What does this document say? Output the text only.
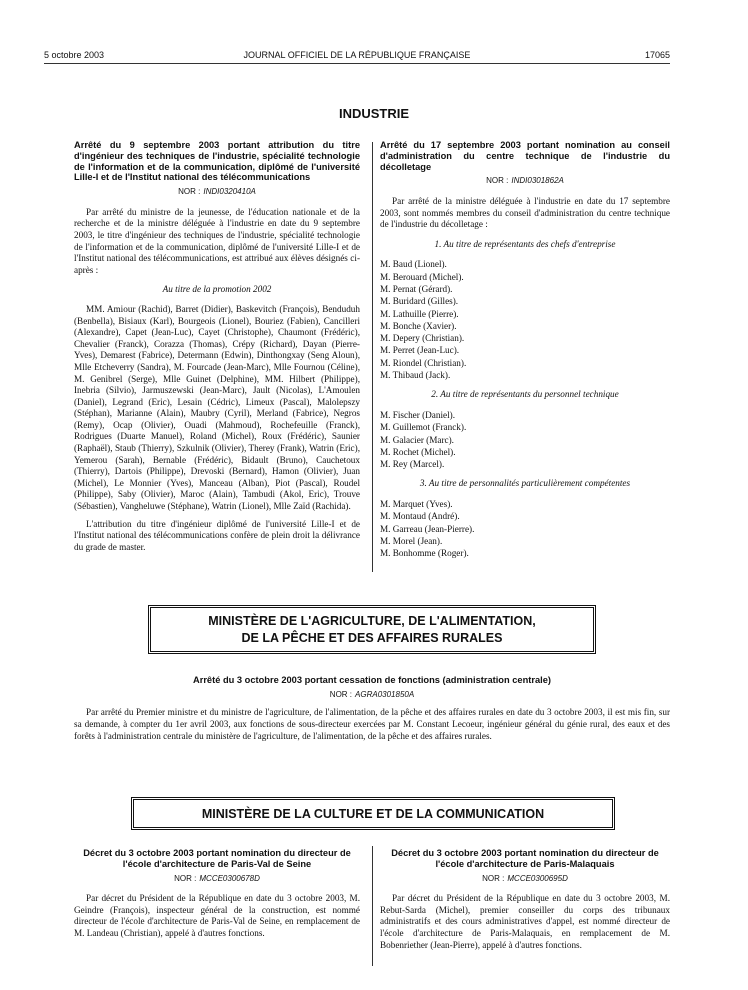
5 octobre 2003	JOURNAL OFFICIEL DE LA RÉPUBLIQUE FRANÇAISE	17065
INDUSTRIE
Arrêté du 9 septembre 2003 portant attribution du titre d'ingénieur des techniques de l'industrie, spécialité technologie de l'information et de la communication, diplômé de l'université Lille-I et de l'Institut national des télécommunications
NOR : INDI0320410A

Par arrêté du ministre de la jeunesse, de l'éducation nationale et de la recherche et de la ministre déléguée à l'industrie en date du 9 septembre 2003, le titre d'ingénieur des techniques de l'industrie, spécialité technologie de l'information et de la communication, diplômé de l'université Lille-I et de l'Institut national des télécommunications, est attribué aux élèves désignés ci-après :

Au titre de la promotion 2002

MM. Amiour (Rachid), Barret (Didier), Baskevitch (François), Benduduh (Benbella), Bisiaux (Karl), Bourgeois (Lionel), Bouriez (Fabien), Cancilleri (Alexandre), Capet (Jean-Luc), Cayet (Christophe), Chaumont (Frédéric), Chevalier (Franck), Corazza (Thomas), Crépy (Richard), Dayan (Pierre-Yves), Demarest (Fabrice), Determann (Edwin), Dinthongxay (Seng Aloun), Mlle Etcheverry (Sandra), M. Fourcade (Jean-Marc), Mlle Fournou (Céline), M. Genibrel (Serge), Mlle Guinet (Delphine), MM. Hilbert (Philippe), Inebria (Silvio), Jarmuszewski (Jean-Marc), Jault (Nicolas), L'Amoulen (Daniel), Legrand (Eric), Lesain (Cédric), Limeux (Pascal), Malolepszy (Stéphan), Marianne (Alain), Maubry (Cyril), Merland (Fabrice), Negros (Remy), Ocap (Olivier), Ouadi (Mahmoud), Rochefeuille (Franck), Rodrigues (Duarte Manuel), Roland (Michel), Roux (Frédéric), Saunier (Raphaël), Staub (Thierry), Szkulnik (Olivier), Therey (Frank), Watrin (Eric), Yemerou (Sarah), Bernable (Frédéric), Bidault (Bruno), Cauchetoux (Thierry), Dartois (Philippe), Drevoski (Bernard), Hamon (Olivier), Juan (Michel), Le Monnier (Yves), Manceau (Alban), Piot (Pascal), Roudel (Philippe), Saby (Olivier), Maroc (Alain), Tambudi (Akol, Eric), Trouve (Sébastien), Vangheluwe (Stéphane), Watrin (Lionel), Mlle Zaïd (Rachida).

L'attribution du titre d'ingénieur diplômé de l'université Lille-I et de l'Institut national des télécommunications confère de plein droit la délivrance du grade de master.

Arrêté du 17 septembre 2003 portant nomination au conseil d'administration du centre technique de l'industrie du décolletage
NOR : INDI0301862A

Par arrêté de la ministre déléguée à l'industrie en date du 17 septembre 2003, sont nommés membres du conseil d'administration du centre technique de l'industrie du décolletage :

1. Au titre de représentants des chefs d'entreprise
M. Baud (Lionel).
M. Berouard (Michel).
M. Pernat (Gérard).
M. Buridard (Gilles).
M. Lathuille (Pierre).
M. Bonche (Xavier).
M. Depery (Christian).
M. Perret (Jean-Luc).
M. Riondel (Christian).
M. Thibaud (Jack).
2. Au titre de représentants du personnel technique
M. Fischer (Daniel).
M. Guillemot (Franck).
M. Galacier (Marc).
M. Rochet (Michel).
M. Rey (Marcel).
3. Au titre de personnalités particulièrement compétentes
M. Marquet (Yves).
M. Montaud (André).
M. Garreau (Jean-Pierre).
M. Morel (Jean).
M. Bonhomme (Roger).
MINISTÈRE DE L'AGRICULTURE, DE L'ALIMENTATION,
DE LA PÊCHE ET DES AFFAIRES RURALES
Arrêté du 3 octobre 2003 portant cessation de fonctions (administration centrale)
NOR : AGRA0301850A

Par arrêté du Premier ministre et du ministre de l'agriculture, de l'alimentation, de la pêche et des affaires rurales en date du 3 octobre 2003, il est mis fin, sur sa demande, à compter du 1er avril 2003, aux fonctions de sous-directeur exercées par M. Constant Lecoeur, ingénieur général du génie rural, des eaux et des forêts à l'administration centrale du ministère de l'agriculture, de l'alimentation, de la pêche et des affaires rurales.

MINISTÈRE DE LA CULTURE ET DE LA COMMUNICATION
Décret du 3 octobre 2003 portant nomination du directeur de l'école d'architecture de Paris-Val de Seine
NOR : MCCE0300678D

Par décret du Président de la République en date du 3 octobre 2003, M. Geindre (François), inspecteur général de la construction, est nommé directeur de l'école d'architecture de Paris-Val de Seine, en remplacement de M. Landeau (Christian), appelé à d'autres fonctions.

Décret du 3 octobre 2003 portant nomination du directeur de l'école d'architecture de Paris-Malaquais
NOR : MCCE0300695D

Par décret du Président de la République en date du 3 octobre 2003, M. Rebut-Sarda (Michel), premier conseiller du corps des tribunaux administratifs et des cours administratives d'appel, est nommé directeur de l'école d'architecture de Paris-Malaquais, en remplacement de M. Bobenriether (Jean-Pierre), appelé à d'autres fonctions.
